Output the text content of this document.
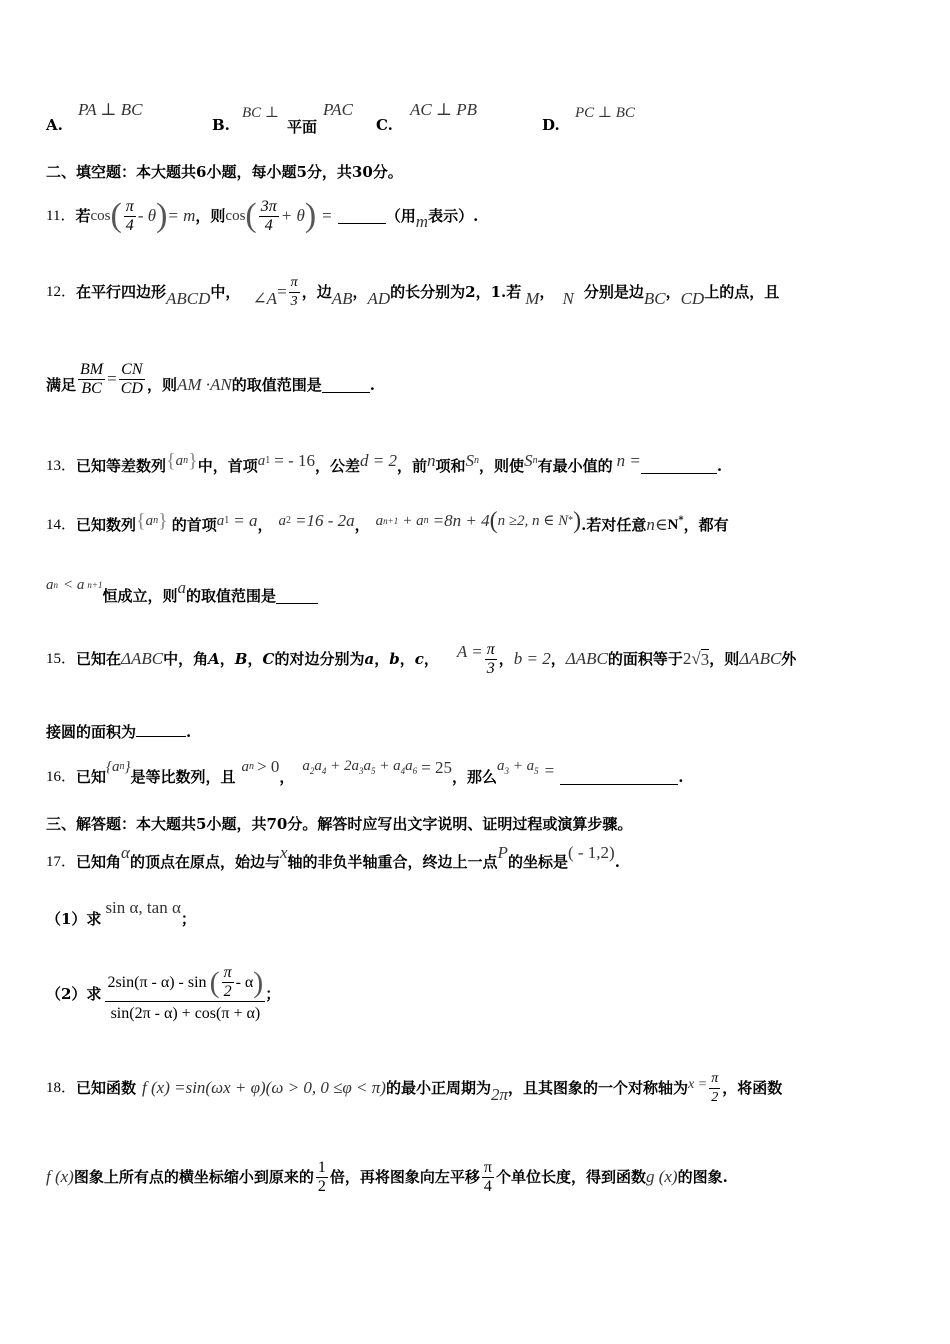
A.
PA ⊥ BC
B.
BC ⊥
平面
PAC
C.
AC ⊥ PB
D.
PC ⊥ BC
二、填空题：本大题共6小题，每小题5分，共30分。
11． 若 cos ( $\frac{\pi}{4}$ - θ ) = m ，则 cos ( $\frac{3\pi}{4} + \theta$ ) =	（用 m 表示）.
12． 在平行四边形 ABCD 中， ∠A = $\frac{\pi}{3}$ ，边 AB ， AD 的长分别为2，1.若 M ， N 分别是边 BC ， CD 上的点，且
满足 $\frac{BM}{BC} = \frac{CN}{CD}$ ，则 AM ·AN 的取值范围是	.
13． 已知等差数列 { a n } 中，首项 a 1 = - 16 ，公差 d = 2 ，前 n 项和 S n ，则使 S n 有最小值的 n =	.
14． 已知数列 { a n } 的首项 a 1 = a ， a 2 =16 - 2a ， a n+1 + a n =8n + 4 ( n ≥2, n ∈ N * ) .若对任意 n∈ N* ，都有
a n < a n+1
恒成立，则 a 的取值范围是
15． 已知在 ΔABC 中，角 A ， B ， C 的对边分别为 a ， b ， c ， $A = \frac{\pi}{3}$ ， b = 2 ， ΔABC 的面积等于 2 √ 3 ，则 ΔABC 外
接圆的面积为	.
16． 已知
{a n }
是等比数列，且
a n > 0
，
$a_2a_4 + 2a_3a_5 + a_4a_6 = 25$ ，那么
$a_3 + a_5$ =	.
三、解答题：本大题共5小题，共70分。解答时应写出文字说明、证明过程或演算步骤。
17． 已知角 α 的顶点在原点，始边与 x 轴的非负半轴重合，终边上一点 P 的坐标是 ( - 1,2) .
（1）求
sin α, tan α
；
（2）求 $\frac{2\sin(\pi - \alpha) - \sin ( \frac{\pi}{2} - \alpha )}{\sin(2\pi - \alpha) + \cos(\pi + \alpha)}$ ；
18． 已知函数 f (x) =sin(ωx + φ)(ω > 0, 0 ≤φ < π) 的最小正周期为 2π ，且其图象的一个对称轴为 $x = \frac{\pi}{2}$ ，将函数
f (x) 图象上所有点的横坐标缩小到原来的 $\frac{1}{2}$ 倍，再将图象向左平移 $\frac{\pi}{4}$ 个单位长度，得到函数 g (x) 的图象.
